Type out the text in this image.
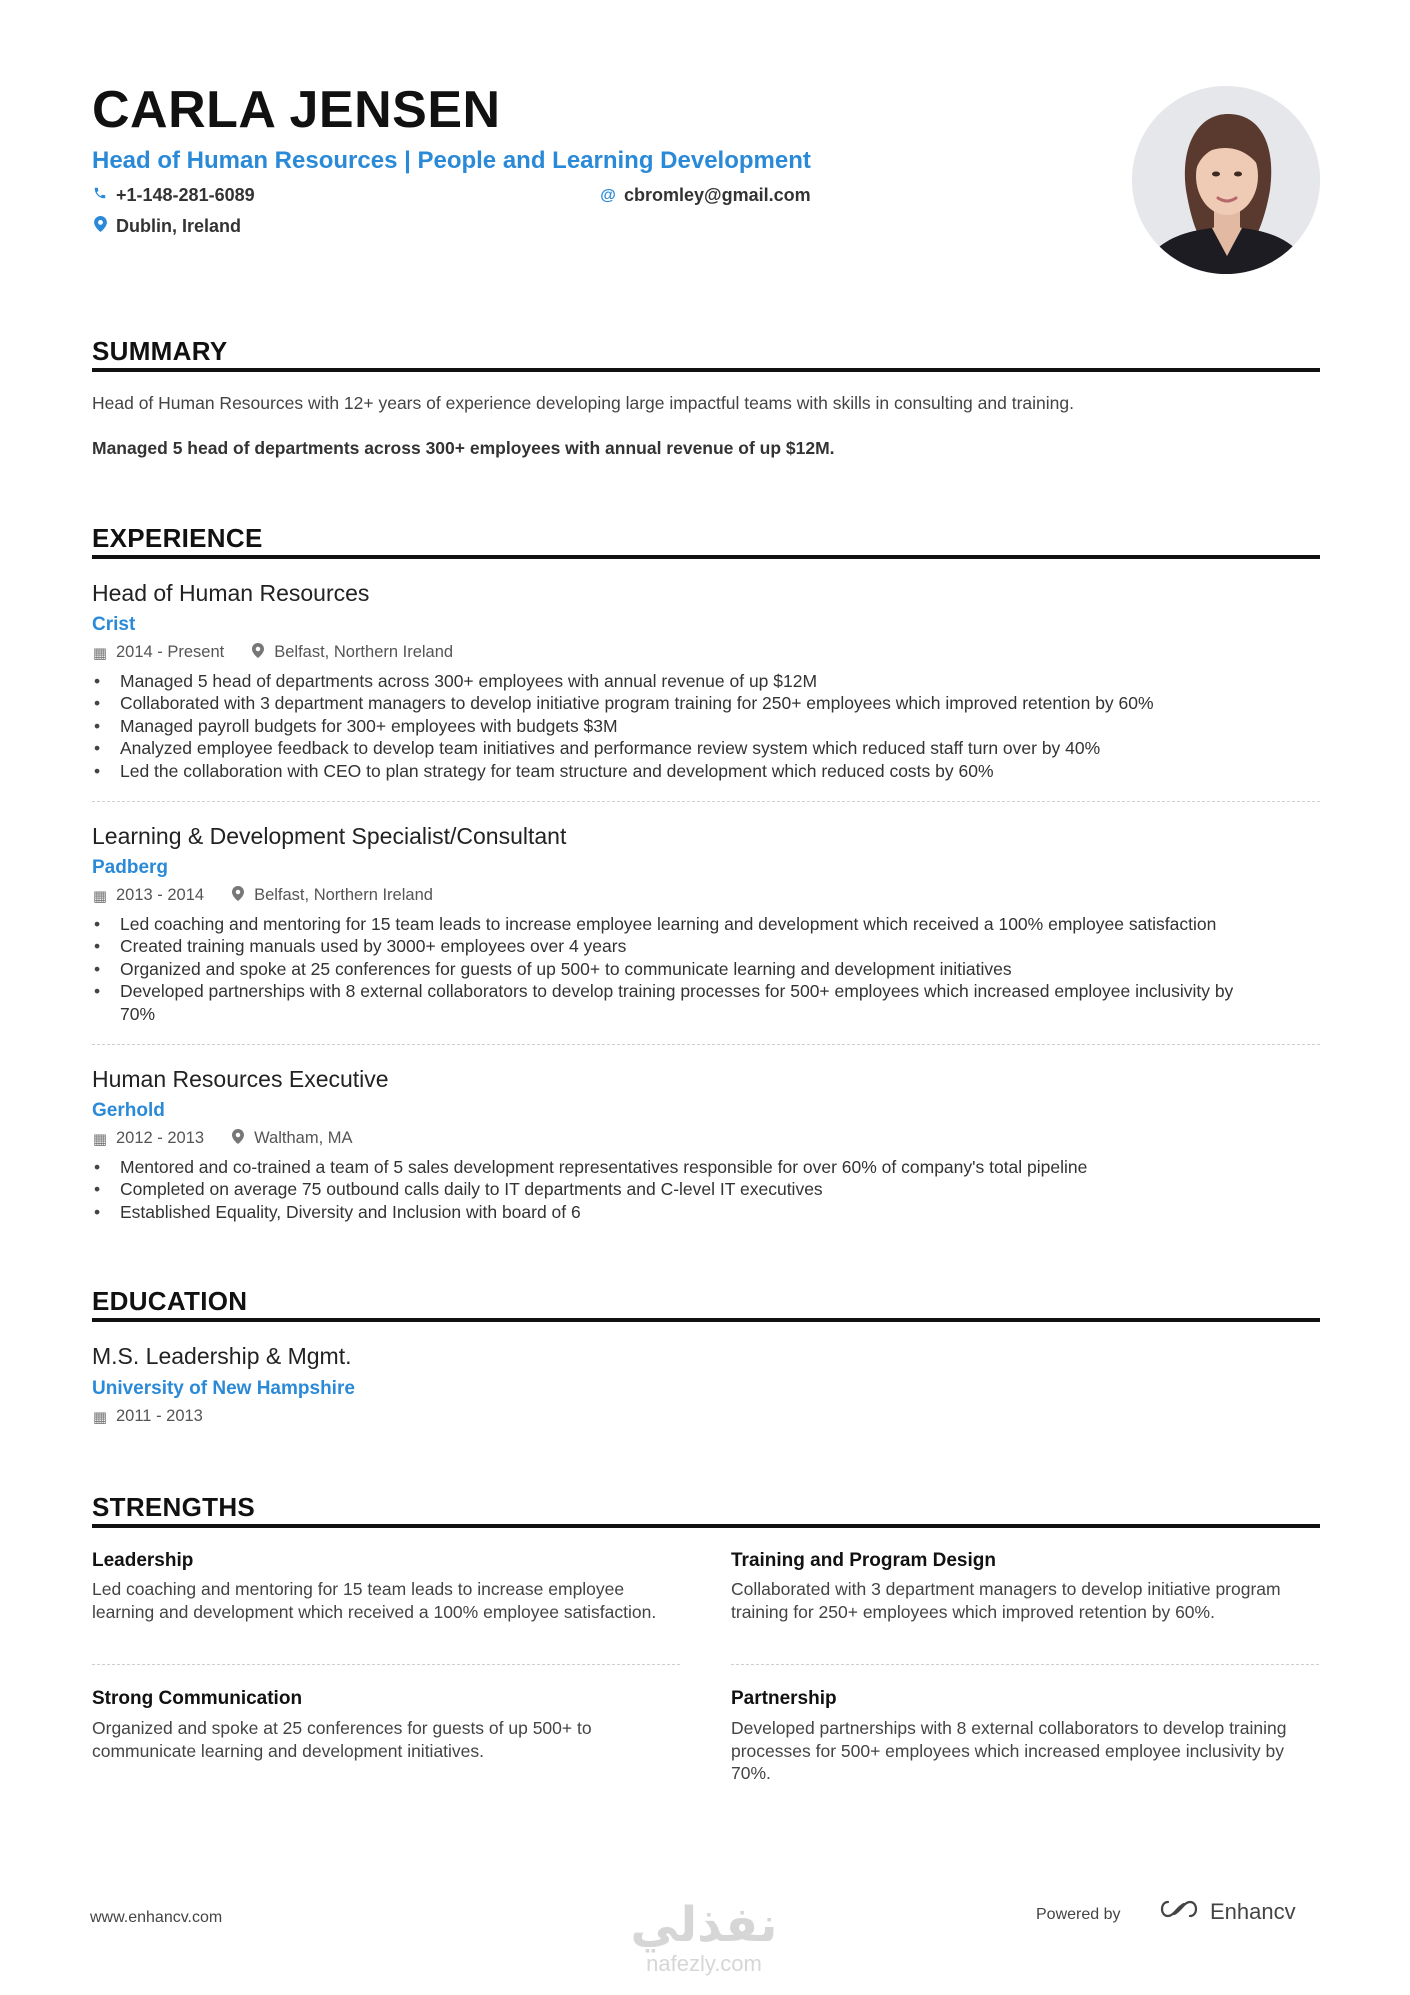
CARLA JENSEN
Head of Human Resources | People and Learning Development
+1-148-281-6089	@ cbromley@gmail.com
Dublin, Ireland
SUMMARY

Head of Human Resources with 12+ years of experience developing large impactful teams with skills in consulting and training.

Managed 5 head of departments across 300+ employees with annual revenue of up $12M.

EXPERIENCE
Head of Human Resources
Crist
▦ 2014 - Present	Belfast, Northern Ireland
• Managed 5 head of departments across 300+ employees with annual revenue of up $12M
• Collaborated with 3 department managers to develop initiative program training for 250+ employees which improved retention by 60%
• Managed payroll budgets for 300+ employees with budgets $3M
• Analyzed employee feedback to develop team initiatives and performance review system which reduced staff turn over by 40%
• Led the collaboration with CEO to plan strategy for team structure and development which reduced costs by 60%
Learning & Development Specialist/Consultant
Padberg
▦ 2013 - 2014	Belfast, Northern Ireland
• Led coaching and mentoring for 15 team leads to increase employee learning and development which received a 100% employee satisfaction
• Created training manuals used by 3000+ employees over 4 years
• Organized and spoke at 25 conferences for guests of up 500+ to communicate learning and development initiatives
• Developed partnerships with 8 external collaborators to develop training processes for 500+ employees which increased employee inclusivity by 70%
Human Resources Executive
Gerhold
▦ 2012 - 2013	Waltham, MA
• Mentored and co-trained a team of 5 sales development representatives responsible for over 60% of company's total pipeline
• Completed on average 75 outbound calls daily to IT departments and C-level IT executives
• Established Equality, Diversity and Inclusion with board of 6
EDUCATION
M.S. Leadership & Mgmt.
University of New Hampshire
▦ 2011 - 2013
STRENGTHS
Leadership

Led coaching and mentoring for 15 team leads to increase employee learning and development which received a 100% employee satisfaction.

Training and Program Design

Collaborated with 3 department managers to develop initiative program training for 250+ employees which improved retention by 60%.

Strong Communication

Organized and spoke at 25 conferences for guests of up 500+ to communicate learning and development initiatives.

Partnership

Developed partnerships with 8 external collaborators to develop training processes for 500+ employees which increased employee inclusivity by 70%.

www.enhancv.com	نفذلي
nafezly.com
Powered by	Enhancv
